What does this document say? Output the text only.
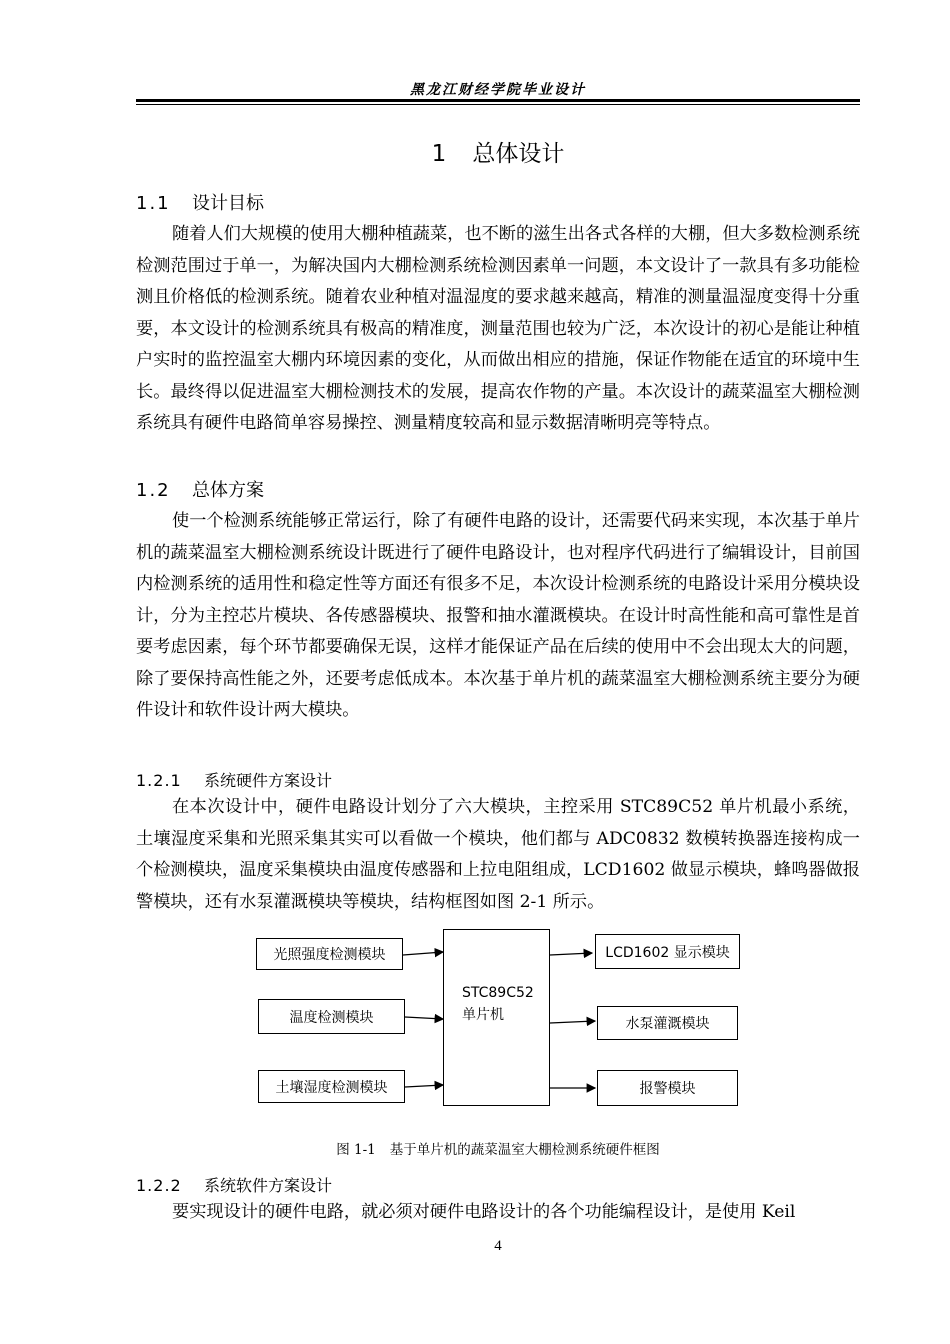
黑龙江财经学院毕业设计
1 总体设计
1.1 设计目标

随着人们大规模的使用大棚种植蔬菜，也不断的滋生出各式各样的大棚，但大多数检测系统检测范围过于单一，为解决国内大棚检测系统检测因素单一问题，本文设计了一款具有多功能检测且价格低的检测系统。随着农业种植对温湿度的要求越来越高，精准的测量温湿度变得十分重要，本文设计的检测系统具有极高的精准度，测量范围也较为广泛，本次设计的初心是能让种植户实时的监控温室大棚内环境因素的变化，从而做出相应的措施，保证作物能在适宜的环境中生长。最终得以促进温室大棚检测技术的发展，提高农作物的产量。本次设计的蔬菜温室大棚检测系统具有硬件电路简单容易操控、测量精度较高和显示数据清晰明亮等特点。

1.2 总体方案

使一个检测系统能够正常运行，除了有硬件电路的设计，还需要代码来实现，本次基于单片机的蔬菜温室大棚检测系统设计既进行了硬件电路设计，也对程序代码进行了编辑设计，目前国内检测系统的适用性和稳定性等方面还有很多不足，本次设计检测系统的电路设计采用分模块设计，分为主控芯片模块、各传感器模块、报警和抽水灌溉模块。在设计时高性能和高可靠性是首要考虑因素，每个环节都要确保无误，这样才能保证产品在后续的使用中不会出现太大的问题，除了要保持高性能之外，还要考虑低成本。本次基于单片机的蔬菜温室大棚检测系统主要分为硬件设计和软件设计两大模块。

1.2.1 系统硬件方案设计

在本次设计中，硬件电路设计划分了六大模块，主控采用 STC89C52 单片机最小系统，土壤湿度采集和光照采集其实可以看做一个模块，他们都与 ADC0832 数模转换器连接构成一个检测模块，温度采集模块由温度传感器和上拉电阻组成，LCD1602 做显示模块，蜂鸣器做报警模块，还有水泵灌溉模块等模块，结构框图如图 2-1 所示。

光照强度检测模块
温度检测模块
土壤湿度检测模块
STC89C52
单片机
LCD1602 显示模块
水泵灌溉模块
报警模块
图 1-1 基于单片机的蔬菜温室大棚检测系统硬件框图
1.2.2 系统软件方案设计

要实现设计的硬件电路，就必须对硬件电路设计的各个功能编程设计，是使用 Keil

4
